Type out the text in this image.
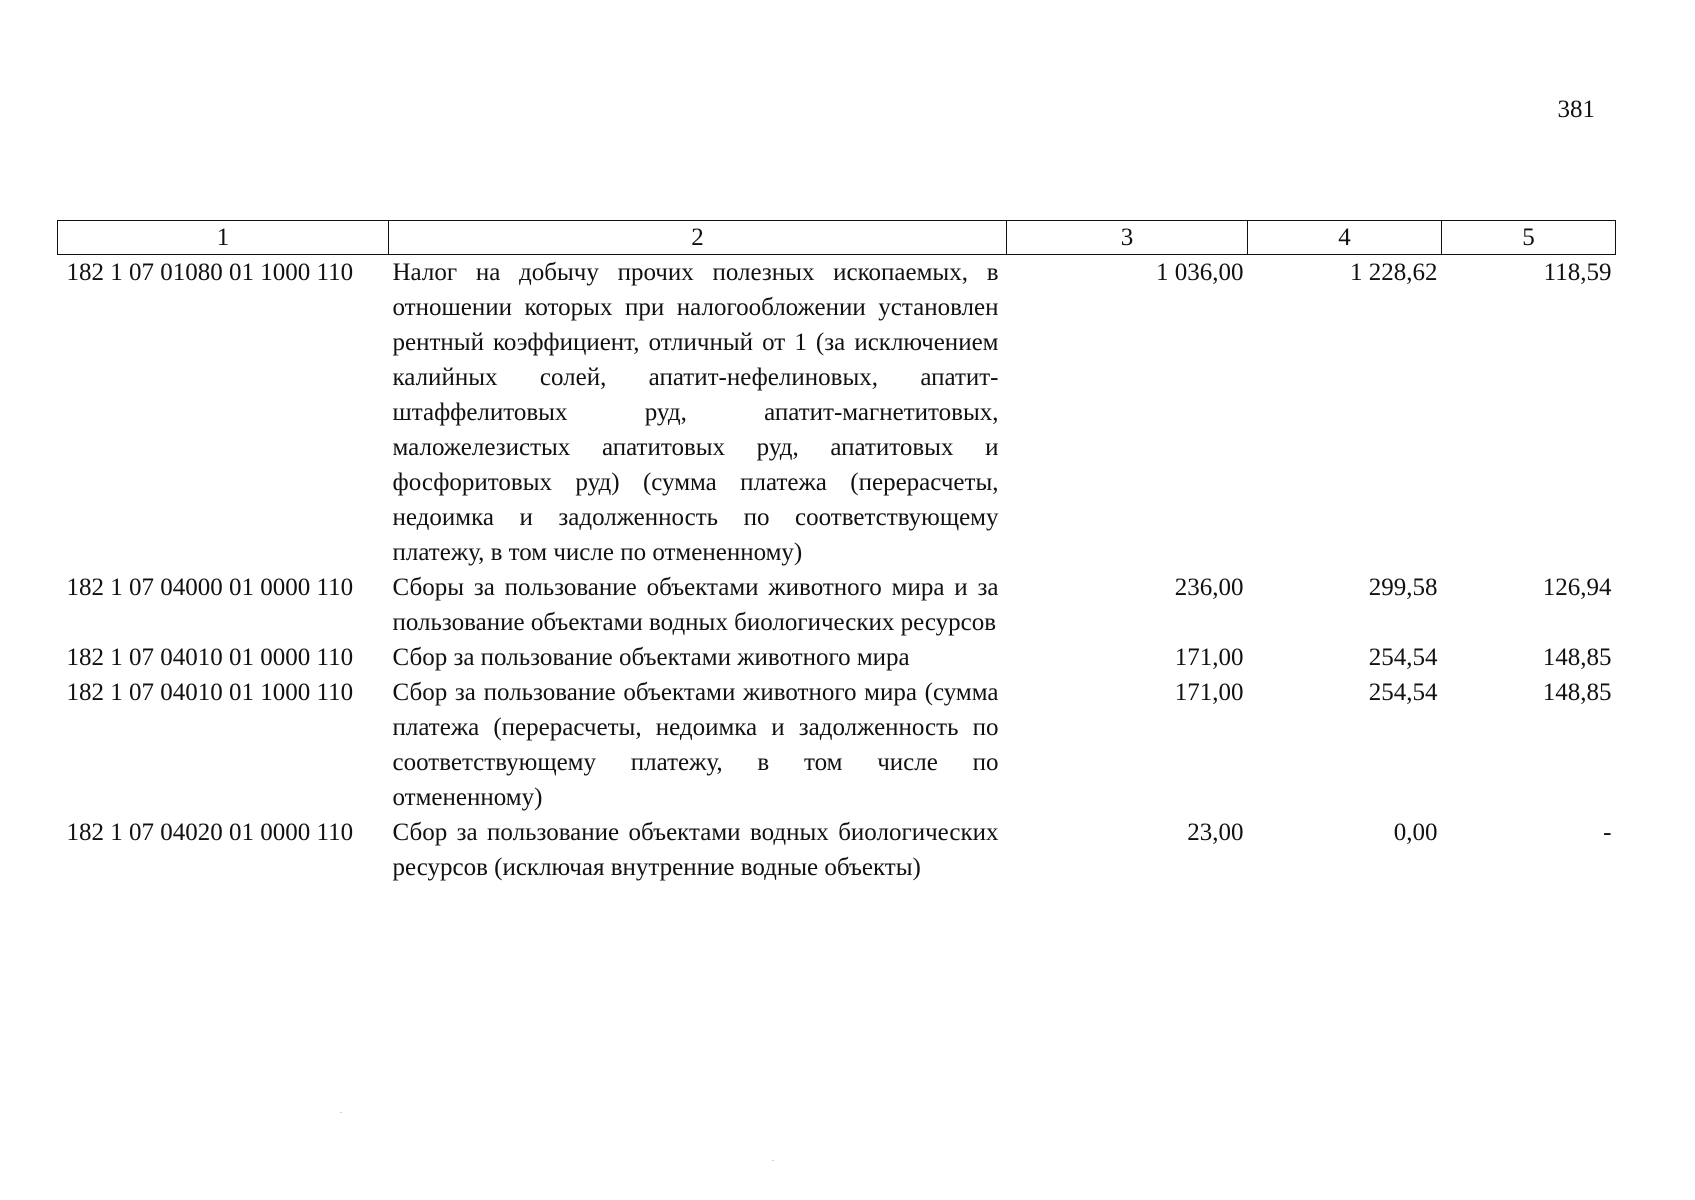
381
1	2	3	4	5
182 1 07 01080 01 1000 110	Налог на добычу прочих полезных ископаемых, в отношении которых при налогообложении установлен рентный коэффициент, отличный от 1 (за исключением калийных солей, апатит-нефелиновых, апатит-штаффелитовых руд, апатит-магнетитовых, маложелезистых апатитовых руд, апатитовых и фосфоритовых руд) (сумма платежа (перерасчеты, недоимка и задолженность по соответствующему платежу, в том числе по отмененному)	1 036,00	1 228,62	118,59
182 1 07 04000 01 0000 110	Сборы за пользование объектами животного мира и за пользование объектами водных биологических ресурсов	236,00	299,58	126,94
182 1 07 04010 01 0000 110	Сбор за пользование объектами животного мира	171,00	254,54	148,85
182 1 07 04010 01 1000 110	Сбор за пользование объектами животного мира (сумма платежа (перерасчеты, недоимка и задолженность по соответствующему платежу, в том числе по отмененному)	171,00	254,54	148,85
182 1 07 04020 01 0000 110	Сбор за пользование объектами водных биологических ресурсов (исключая внутренние водные объекты)	23,00	0,00	-
